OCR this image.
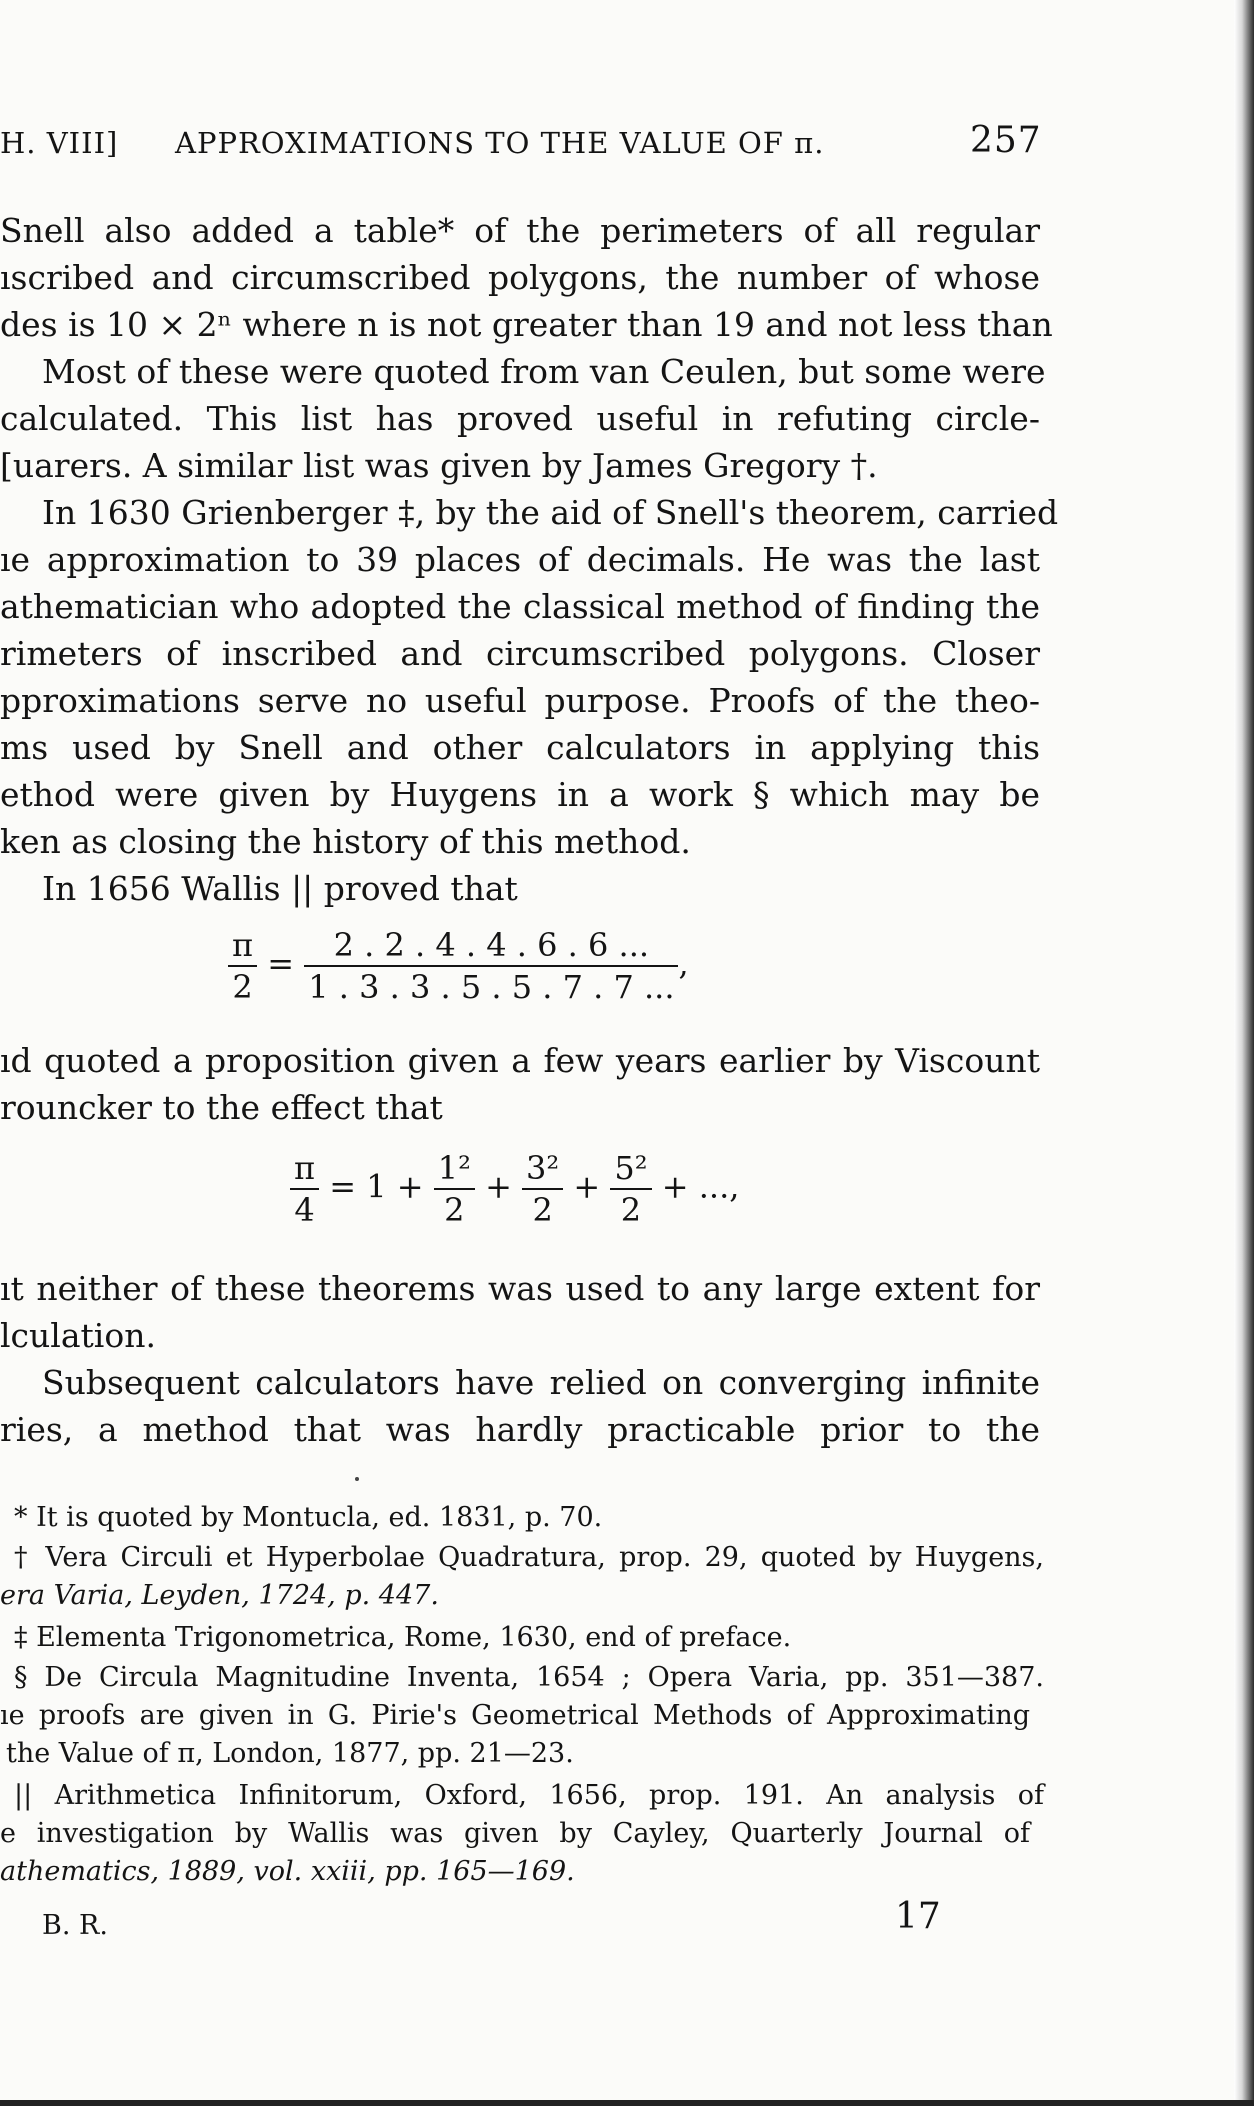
H. VIII] APPROXIMATIONS TO THE VALUE OF π.	257
Snell also added a table* of the perimeters of all regular
ıscribed and circumscribed polygons, the number of whose
des is 10 × 2ⁿ where n is not greater than 19 and not less than
Most of these were quoted from van Ceulen, but some were
calculated. This list has proved useful in refuting circle-
[uarers. A similar list was given by James Gregory †.
In 1630 Grienberger ‡, by the aid of Snell's theorem, carried
ıe approximation to 39 places of decimals. He was the last
athematician who adopted the classical method of finding the
rimeters of inscribed and circumscribed polygons. Closer
pproximations serve no useful purpose. Proofs of the theo-
ms used by Snell and other calculators in applying this
ethod were given by Huygens in a work § which may be
ken as closing the history of this method.
In 1656 Wallis || proved that
$\frac{\pi}{2} = \frac{2 . 2 . 4 . 4 . 6 . 6 ...}{1 . 3 . 3 . 5 . 5 . 7 . 7 ...}$ ,
ıd quoted a proposition given a few years earlier by Viscount
rouncker to the effect that
$\frac{\pi}{4} = 1 + \frac{\text{1²}}{2} + \frac{\text{3²}}{2} + \frac{\text{5²}}{2}$ + ...,
ıt neither of these theorems was used to any large extent for
lculation.
Subsequent calculators have relied on converging infinite
ries, a method that was hardly practicable prior to the
* It is quoted by Montucla, ed. 1831, p. 70.
† Vera Circuli et Hyperbolae Quadratura, prop. 29, quoted by Huygens,
era Varia, Leyden, 1724, p. 447.
‡ Elementa Trigonometrica, Rome, 1630, end of preface.
§ De Circula Magnitudine Inventa, 1654 ; Opera Varia, pp. 351—387.
ıe proofs are given in G. Pirie's Geometrical Methods of Approximating
the Value of π, London, 1877, pp. 21—23.
|| Arithmetica Infinitorum, Oxford, 1656, prop. 191. An analysis of
e investigation by Wallis was given by Cayley, Quarterly Journal of
athematics, 1889, vol. xxiii, pp. 165—169.
B. R.	17
